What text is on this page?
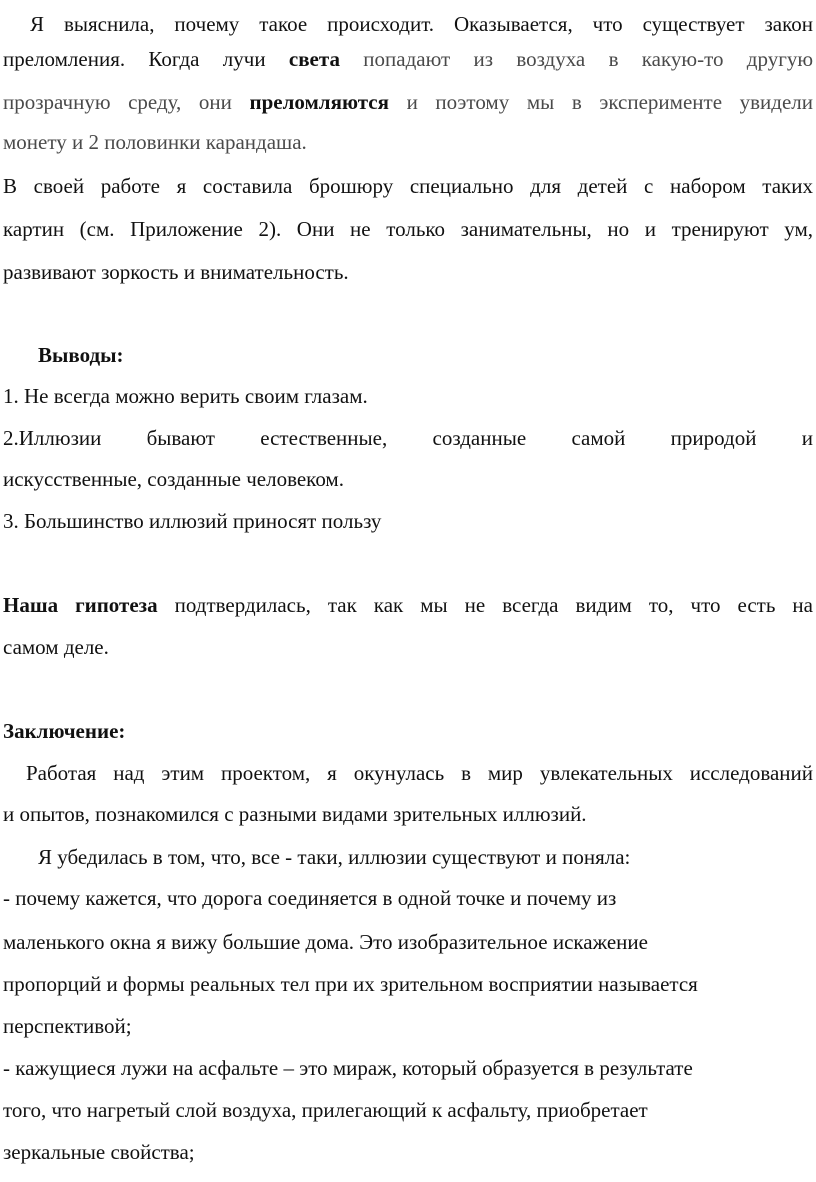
Я выяснила, почему такое происходит. Оказывается, что существует закон
преломления. Когда лучи света попадают из воздуха в какую-то другую
прозрачную среду, они преломляются и поэтому мы в эксперименте увидели
монету и 2 половинки карандаша.
В своей работе я составила брошюру специально для детей с набором таких
картин (см. Приложение 2). Они не только занимательны, но и тренируют ум,
развивают зоркость и внимательность.
Выводы:
1. Не всегда можно верить своим глазам.
2.Иллюзии бывают естественные, созданные самой природой и
искусственные, созданные человеком.
3. Большинство иллюзий приносят пользу
Наша гипотеза подтвердилась, так как мы не всегда видим то, что есть на
самом деле.
Заключение:
Работая над этим проектом, я окунулась в мир увлекательных исследований
и опытов, познакомился с разными видами зрительных иллюзий.
Я убедилась в том, что, все - таки, иллюзии существуют и поняла:
- почему кажется, что дорога соединяется в одной точке и почему из
маленького окна я вижу большие дома. Это изобразительное искажение
пропорций и формы реальных тел при их зрительном восприятии называется
перспективой;
- кажущиеся лужи на асфальте – это мираж, который образуется в результате
того, что нагретый слой воздуха, прилегающий к асфальту, приобретает
зеркальные свойства;
